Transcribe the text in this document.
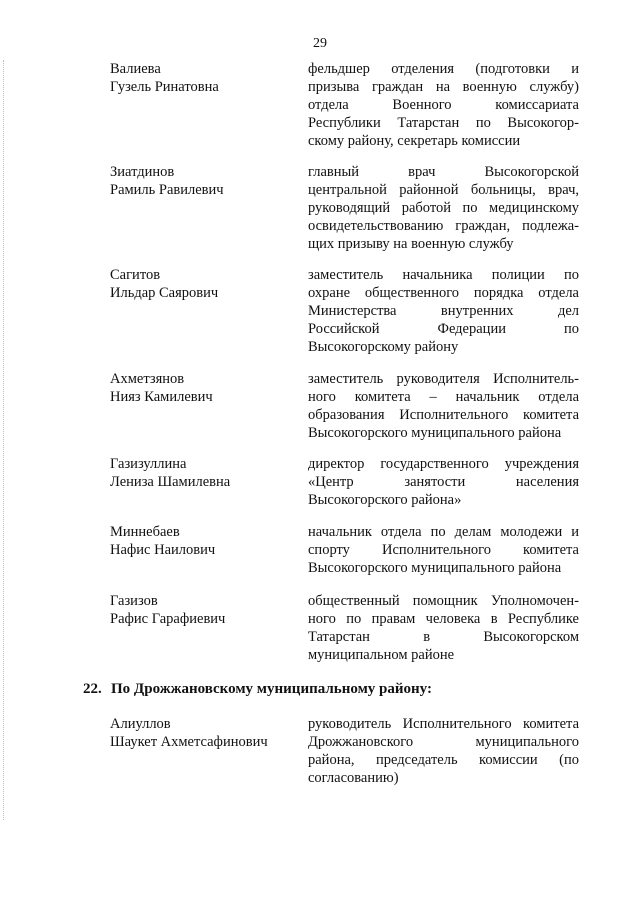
29
Валиева
Гузель Ринатовна
фельдшер отделения (подготовки и
призыва граждан на военную службу)
отдела Военного комиссариата
Республики Татарстан по Высокогор-
скому району, секретарь комиссии
Зиатдинов
Рамиль Равилевич
главный врач Высокогорской
центральной районной больницы, врач,
руководящий работой по медицинскому
освидетельствованию граждан, подлежа-
щих призыву на военную службу
Сагитов
Ильдар Саярович
заместитель начальника полиции по
охране общественного порядка отдела
Министерства внутренних дел
Российской Федерации по
Высокогорскому району
Ахметзянов
Нияз Камилевич
заместитель руководителя Исполнитель-
ного комитета – начальник отдела
образования Исполнительного комитета
Высокогорского муниципального района
Газизуллина
Лениза Шамилевна
директор государственного учреждения
«Центр занятости населения
Высокогорского района»
Миннебаев
Нафис Наилович
начальник отдела по делам молодежи и
спорту Исполнительного комитета
Высокогорского муниципального района
Газизов
Рафис Гарафиевич
общественный помощник Уполномочен-
ного по правам человека в Республике
Татарстан в Высокогорском
муниципальном районе
22. По Дрожжановскому муниципальному району:
Алиуллов
Шаукет Ахметсафинович
руководитель Исполнительного комитета
Дрожжановского муниципального
района, председатель комиссии (по
согласованию)
